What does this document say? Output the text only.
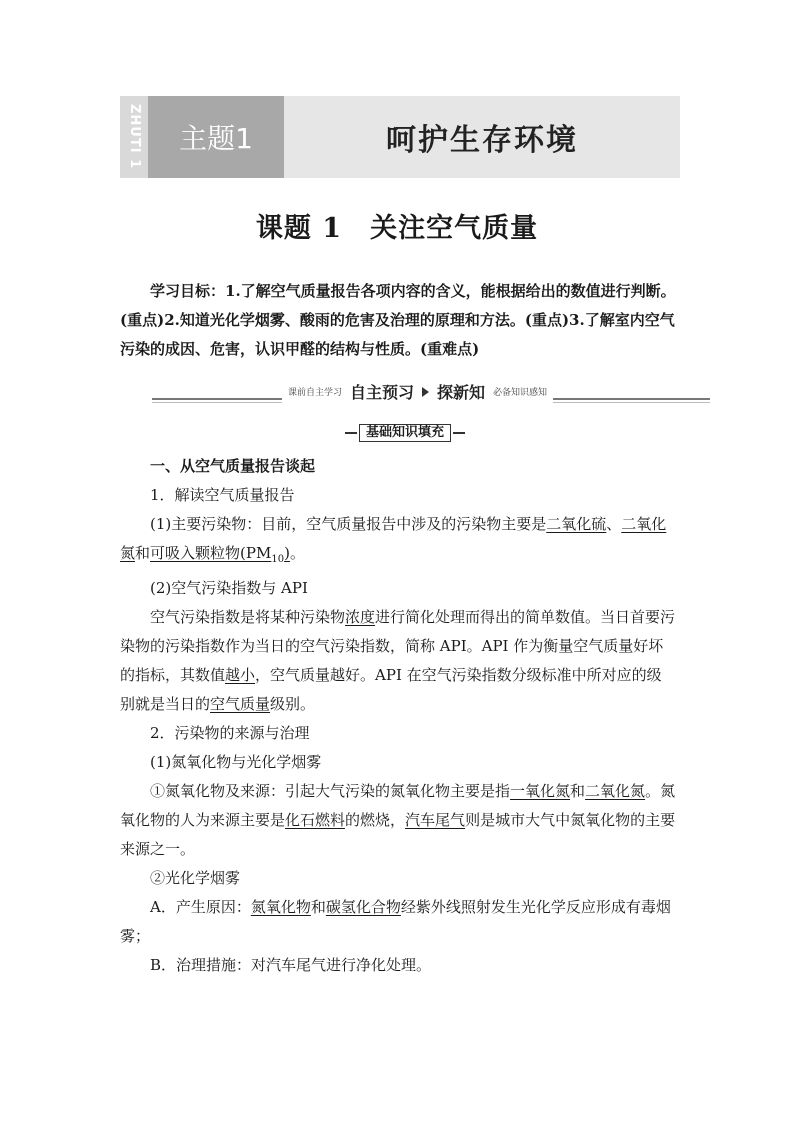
ZHUTI 1	主题1	呵护生存环境
课题 1　关注空气质量
学习目标：1.了解空气质量报告各项内容的含义，能根据给出的数值进行判断。(重点)2.知道光化学烟雾、酸雨的危害及治理的原理和方法。(重点)3.了解室内空气污染的成因、危害，认识甲醛的结构与性质。(重难点)
课前自主学习 自主预习 探新知 必备知识感知
基础知识填充

一、从空气质量报告谈起

1．解读空气质量报告

(1)主要污染物：目前，空气质量报告中涉及的污染物主要是二氧化硫、二氧化氮和可吸入颗粒物$(PM_{10})$。

(2)空气污染指数与 API

空气污染指数是将某种污染物浓度进行简化处理而得出的简单数值。当日首要污染物的污染指数作为当日的空气污染指数，简称 API。API 作为衡量空气质量好坏的指标，其数值越小，空气质量越好。API 在空气污染指数分级标准中所对应的级别就是当日的空气质量级别。

2．污染物的来源与治理

(1)氮氧化物与光化学烟雾

①氮氧化物及来源：引起大气污染的氮氧化物主要是指一氧化氮和二氧化氮。氮氧化物的人为来源主要是化石燃料的燃烧，汽车尾气则是城市大气中氮氧化物的主要来源之一。

②光化学烟雾

A．产生原因：氮氧化物和碳氢化合物经紫外线照射发生光化学反应形成有毒烟雾；

B．治理措施：对汽车尾气进行净化处理。
